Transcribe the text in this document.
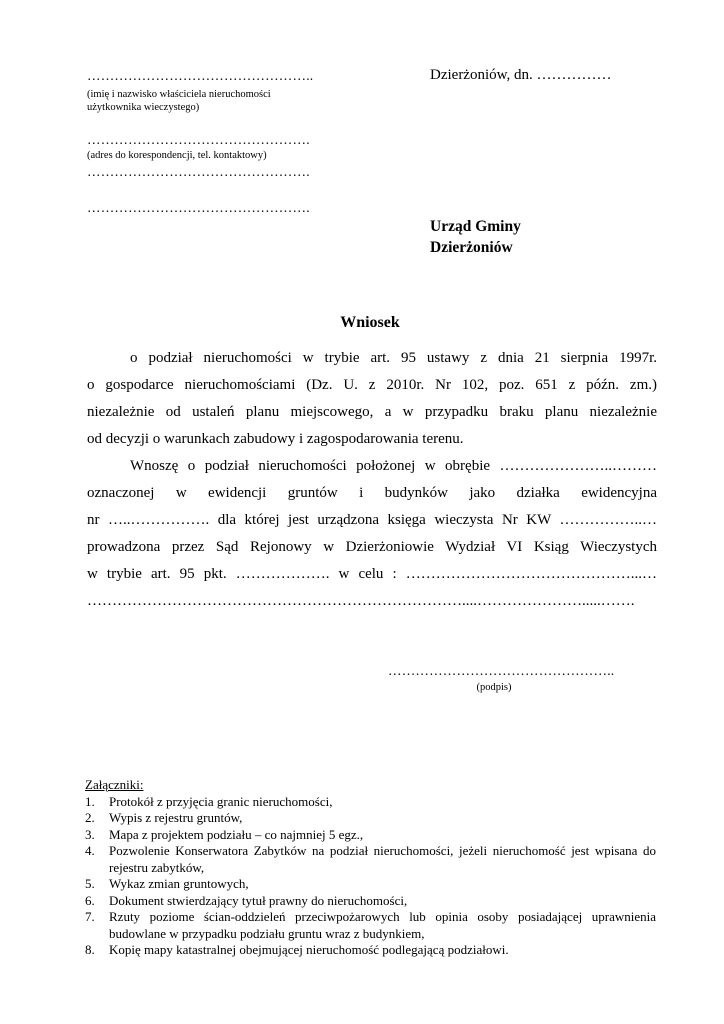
…………………………………………..
(imię i nazwisko właściciela nieruchomości
użytkownika wieczystego)
………………………………………….
(adres do korespondencji, tel. kontaktowy)
………………………………………….
………………………………………….
Dzierżoniów, dn. ……………
Urząd Gminy
Dzierżoniów
Wniosek

o podział nieruchomości w trybie art. 95 ustawy z dnia 21 sierpnia 1997r.

o gospodarce nieruchomościami (Dz. U. z 2010r. Nr 102, poz. 651 z późn. zm.)

niezależnie od ustaleń planu miejscowego, a w przypadku braku planu niezależnie

od decyzji o warunkach zabudowy i zagospodarowania terenu.

Wnoszę o podział nieruchomości położonej w obrębie …………………..………

oznaczonej w ewidencji gruntów i budynków jako działka ewidencyjna

nr …..……………. dla której jest urządzona księga wieczysta Nr KW ……………..…

prowadzona przez Sąd Rejonowy w Dzierżoniowie Wydział VI Ksiąg Wieczystych

w trybie art. 95 pkt. ………………. w celu : ………………………………………...…

…………………………………………………………………....………………….....…….

…………………………………………..
(podpis)
Załączniki:
1. Protokół z przyjęcia granic nieruchomości,
2. Wypis z rejestru gruntów,
3. Mapa z projektem podziału – co najmniej 5 egz.,
4. Pozwolenie Konserwatora Zabytków na podział nieruchomości, jeżeli nieruchomość jest wpisana do rejestru zabytków,
5. Wykaz zmian gruntowych,
6. Dokument stwierdzający tytuł prawny do nieruchomości,
7. Rzuty poziome ścian-oddzieleń przeciwpożarowych lub opinia osoby posiadającej uprawnienia budowlane w przypadku podziału gruntu wraz z budynkiem,
8. Kopię mapy katastralnej obejmującej nieruchomość podlegającą podziałowi.
